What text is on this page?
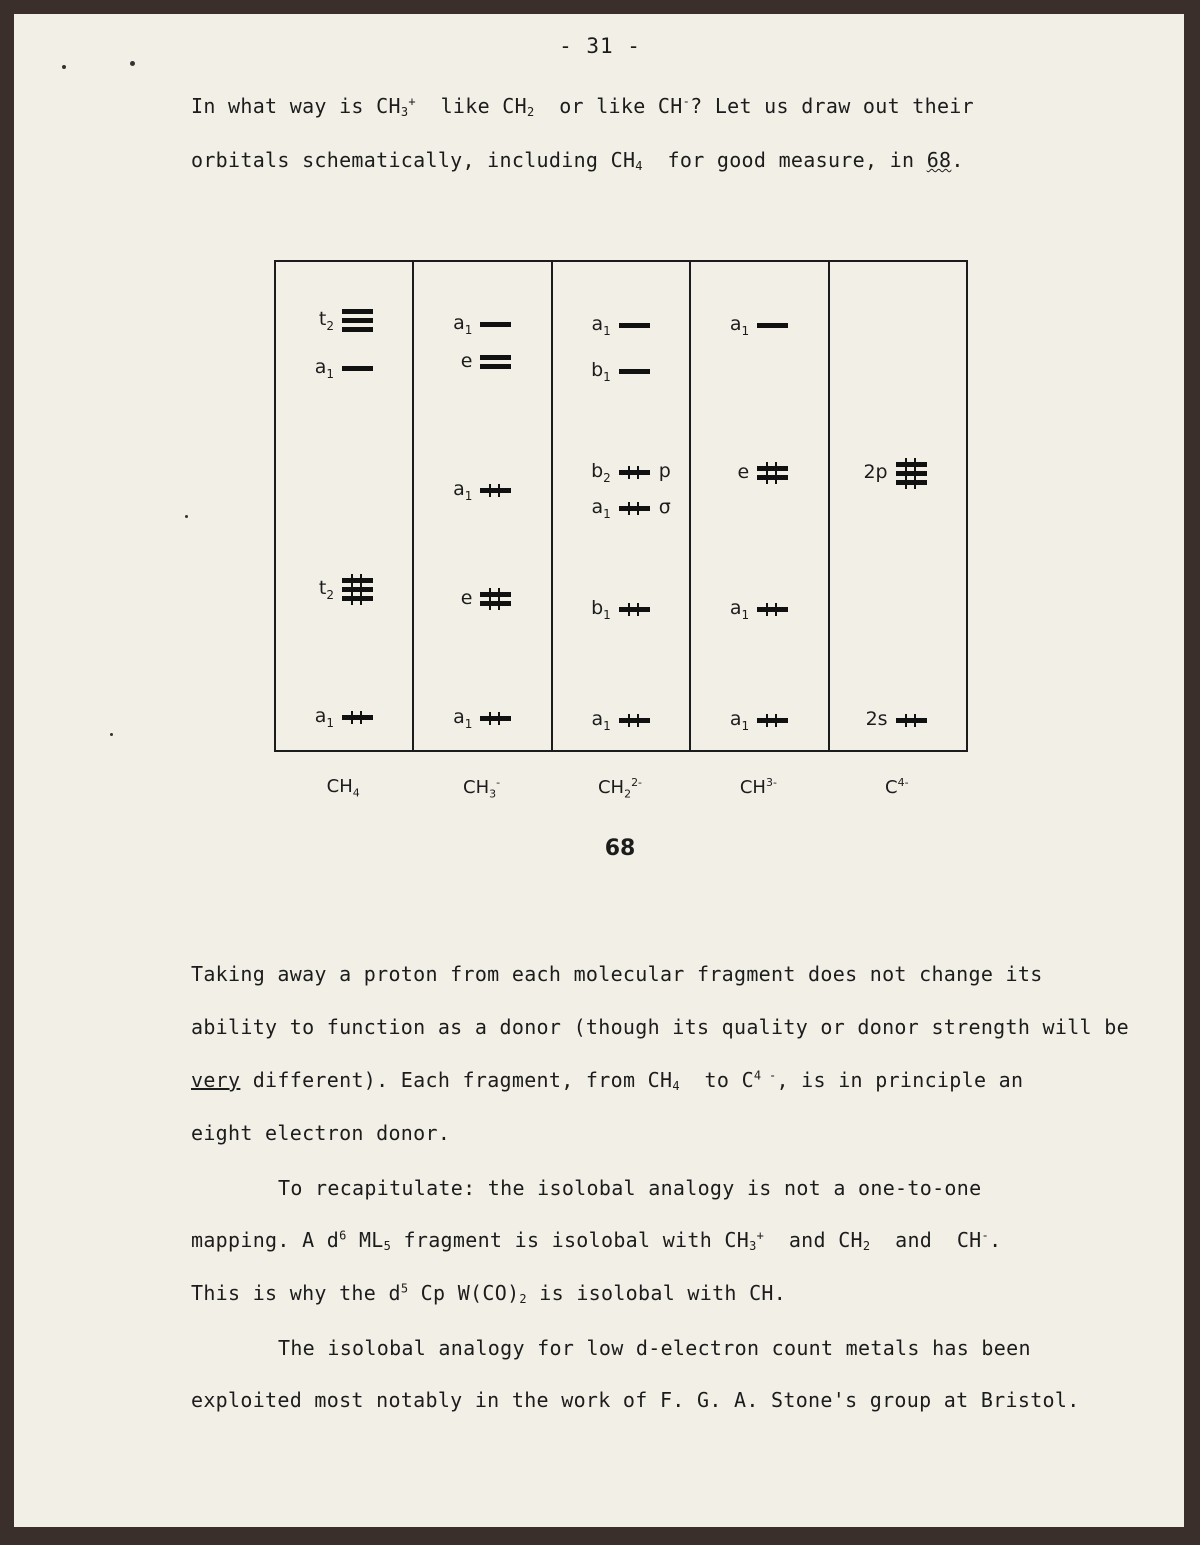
- 31 -
In what way is $CH_3^+$ like $CH_2$ or like CH-? Let us draw out their
orbitals schematically, including $CH_4$ for good measure, in 68.
$t_2$
$a_1$
$t_2$
$a_1$
$a_1$
e
$a_1$
e
$a_1$
$a_1$
$b_1$
$b_2$	p
$a_1$	σ
$b_1$
$a_1$
$a_1$
e
$a_1$
$a_1$
2p
2s
68
Taking away a proton from each molecular fragment does not change its
ability to function as a donor (though its quality or donor strength will be
very different). Each fragment, from $CH_4$ to $C^{4 -}$, is in principle an
eight electron donor.
To recapitulate: the isolobal analogy is not a one-to-one
mapping. A $d^6$ $ML_5$ fragment is isolobal with $CH_3^+$ and $CH_2$ and CH-.
This is why the $d^5$ Cp $W(CO)_2$ is isolobal with CH.
The isolobal analogy for low d-electron count metals has been
exploited most notably in the work of F. G. A. Stone's group at Bristol.
$CH_4$	$CH_3^-$	$CH_2^{2-}$	$CH^{3-}$	$C^{4-}$
